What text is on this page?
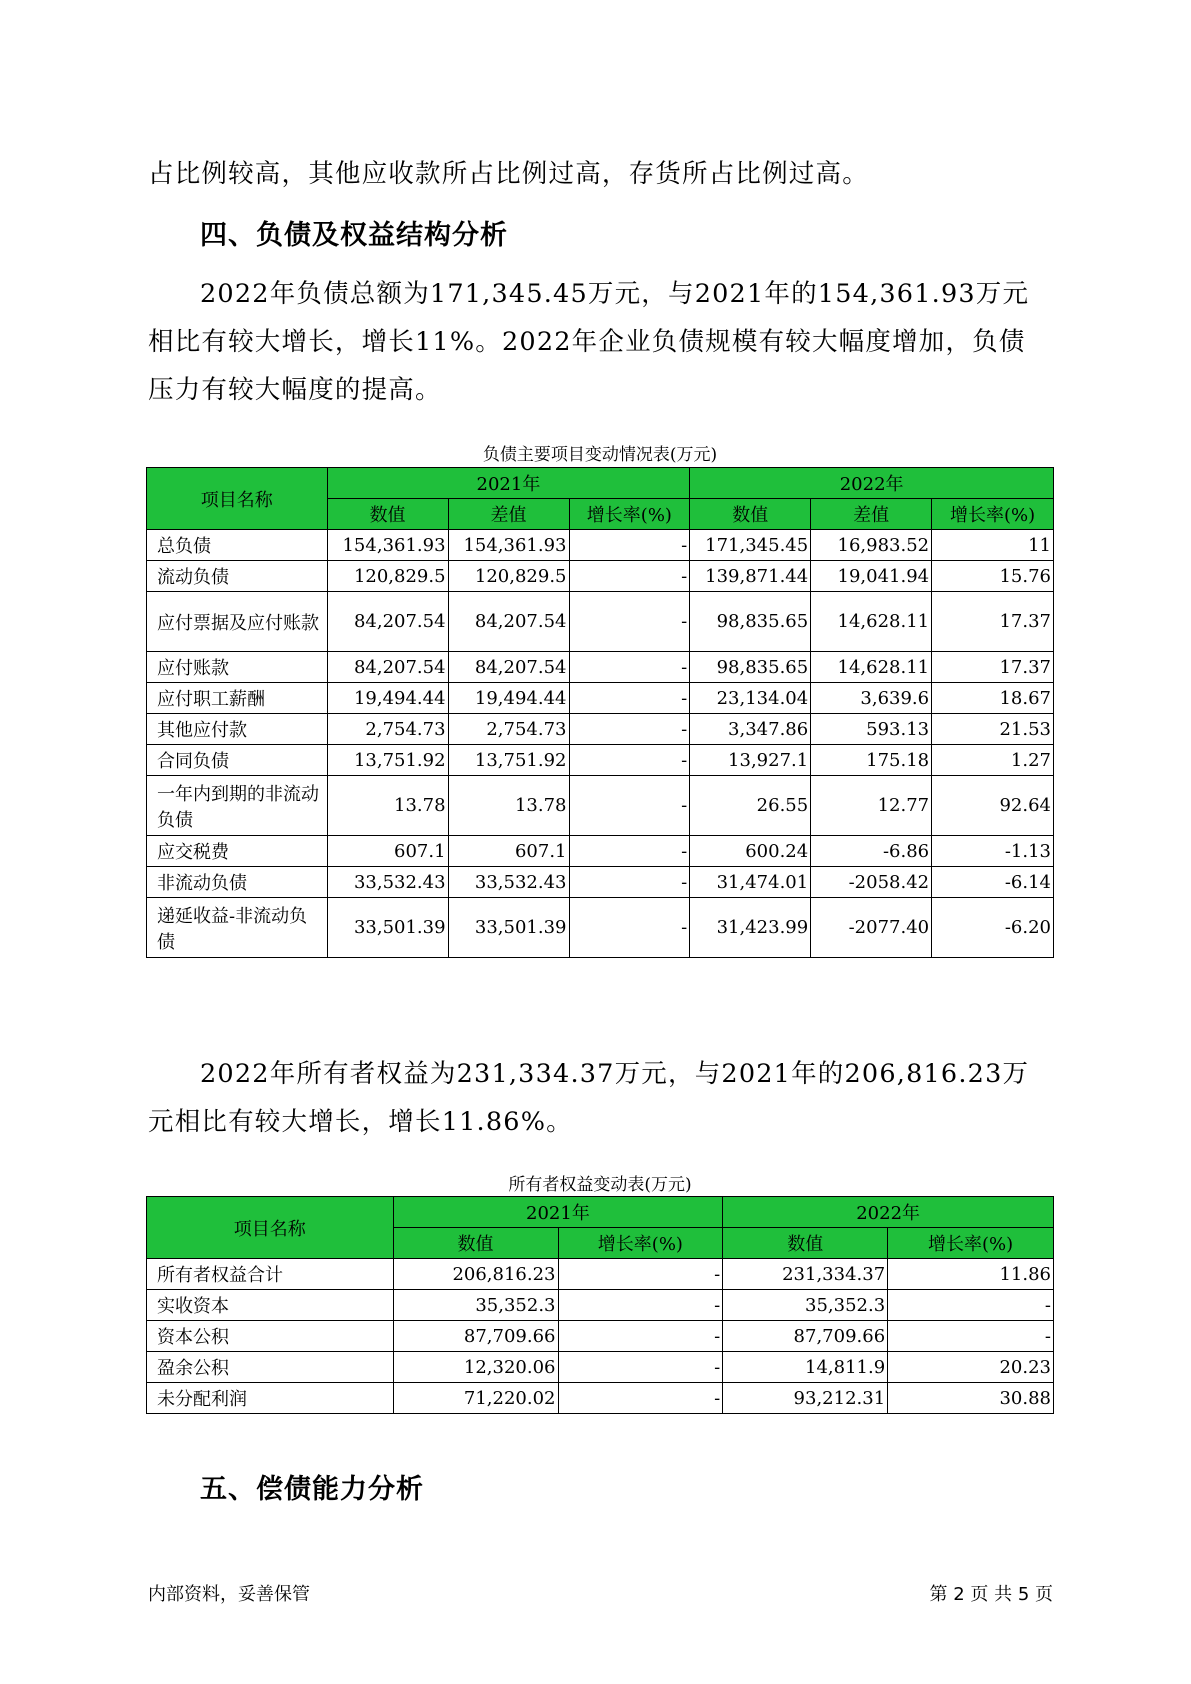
占比例较高，其他应收款所占比例过高，存货所占比例过高。

四、负债及权益结构分析

2022年负债总额为171,345.45万元，与2021年的154,361.93万元相比有较大增长，增长11%。2022年企业负债规模有较大幅度增加，负债压力有较大幅度的提高。

负债主要项目变动情况表(万元)
项目名称	2021年			2022年		
	数值	差值	增长率(%)	数值	差值	增长率(%)
总负债	154,361.93	154,361.93	-	171,345.45	16,983.52	11
流动负债	120,829.5	120,829.5	-	139,871.44	19,041.94	15.76
应付票据及应付账款	84,207.54	84,207.54	-	98,835.65	14,628.11	17.37
应付账款	84,207.54	84,207.54	-	98,835.65	14,628.11	17.37
应付职工薪酬	19,494.44	19,494.44	-	23,134.04	3,639.6	18.67
其他应付款	2,754.73	2,754.73	-	3,347.86	593.13	21.53
合同负债	13,751.92	13,751.92	-	13,927.1	175.18	1.27
一年内到期的非流动负债	13.78	13.78	-	26.55	12.77	92.64
应交税费	607.1	607.1	-	600.24	-6.86	-1.13
非流动负债	33,532.43	33,532.43	-	31,474.01	-2058.42	-6.14
递延收益-非流动负债	33,501.39	33,501.39	-	31,423.99	-2077.40	-6.20

2022年所有者权益为231,334.37万元，与2021年的206,816.23万元相比有较大增长，增长11.86%。

所有者权益变动表(万元)
项目名称	2021年		2022年	
	数值	增长率(%)	数值	增长率(%)
所有者权益合计	206,816.23	-	231,334.37	11.86
实收资本	35,352.3	-	35,352.3	-
资本公积	87,709.66	-	87,709.66	-
盈余公积	12,320.06	-	14,811.9	20.23
未分配利润	71,220.02	-	93,212.31	30.88
五、偿债能力分析
内部资料，妥善保管	第 2 页 共 5 页
